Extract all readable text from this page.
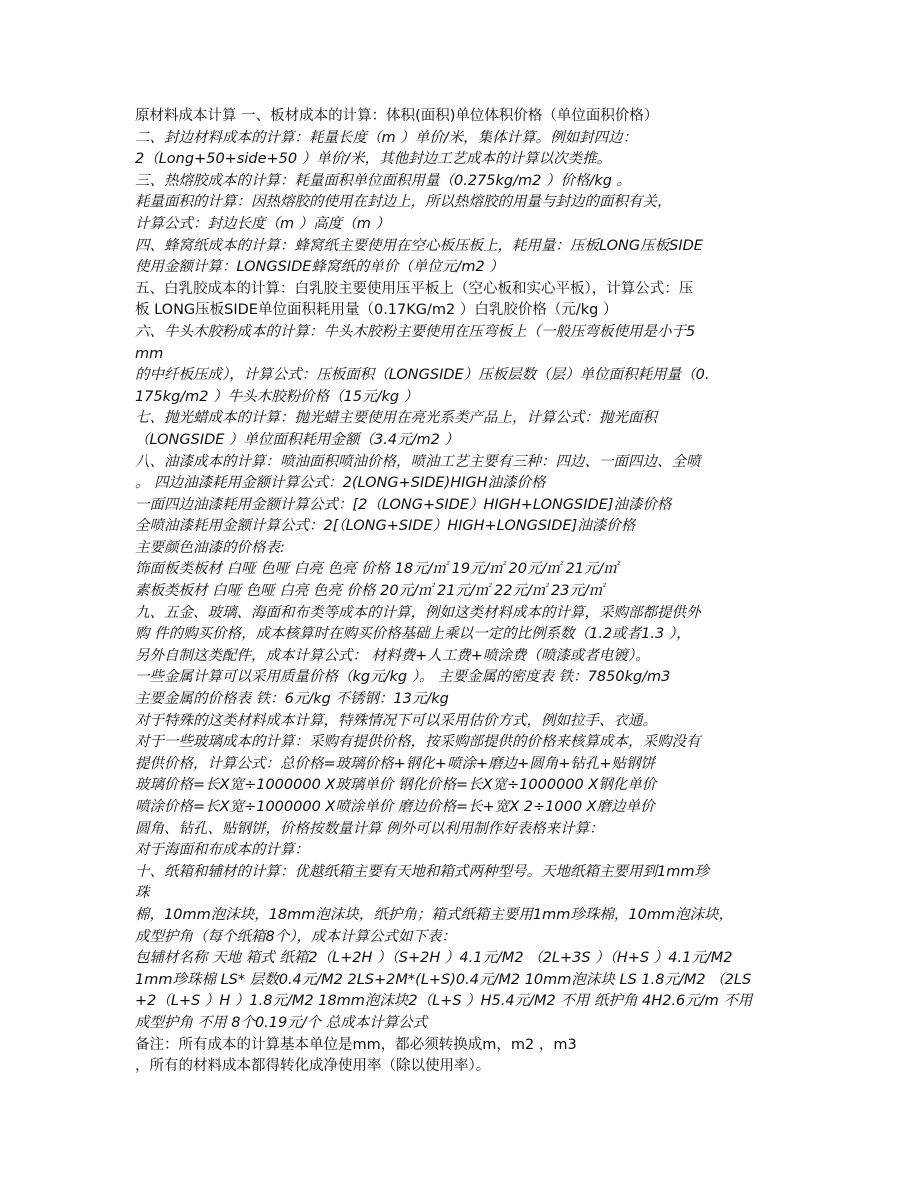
原材料成本计算 一、板材成本的计算：体积(面积)单位体积价格（单位面积价格）
二、封边材料成本的计算：耗量长度（m ）单价/米，集体计算。例如封四边：
2（Long+50+side+50 ）单价/米，其他封边工艺成本的计算以次类推。
三、热熔胶成本的计算：耗量面积单位面积用量（0.275kg/m2 ）价格/kg 。
耗量面积的计算：因热熔胶的使用在封边上，所以热熔胶的用量与封边的面积有关，
计算公式：封边长度（m ）高度（m ）
四、蜂窝纸成本的计算：蜂窝纸主要使用在空心板压板上，耗用量：压板LONG压板SIDE
使用金额计算：LONGSIDE蜂窝纸的单价（单位元/m2 ）
五、白乳胶成本的计算：白乳胶主要使用压平板上（空心板和实心平板），计算公式：压
板 LONG压板SIDE单位面积耗用量（0.17KG/m2 ）白乳胶价格（元/kg ）
六、牛头木胶粉成本的计算：牛头木胶粉主要使用在压弯板上（一般压弯板使用是小于5
mm
的中纤板压成），计算公式：压板面积（LONGSIDE）压板层数（层）单位面积耗用量（0.
175kg/m2 ）牛头木胶粉价格（15元/kg ）
七、抛光蜡成本的计算：抛光蜡主要使用在亮光系类产品上，计算公式：抛光面积
（LONGSIDE ）单位面积耗用金额（3.4元/m2 ）
八、油漆成本的计算：喷油面积喷油价格，喷油工艺主要有三种：四边、一面四边、全喷
。 四边油漆耗用金额计算公式：2(LONG+SIDE)HIGH油漆价格
一面四边油漆耗用金额计算公式：[2（LONG+SIDE）HIGH+LONGSIDE]油漆价格
全喷油漆耗用金额计算公式：2[（LONG+SIDE）HIGH+LONGSIDE]油漆价格
主要颜色油漆的价格表:
饰面板类板材 白哑 色哑 白亮 色亮 价格 18元/㎡ 19元/㎡ 20元/㎡ 21元/㎡
素板类板材 白哑 色哑 白亮 色亮 价格 20元/㎡ 21元/㎡ 22元/㎡ 23元/㎡
九、五金、玻璃、海面和布类等成本的计算，例如这类材料成本的计算，采购部都提供外
购 件的购买价格，成本核算时在购买价格基础上乘以一定的比例系数（1.2或者1.3 ），
另外自制这类配件，成本计算公式： 材料费+人工费+喷涂费（喷漆或者电镀）。
一些金属计算可以采用质量价格（kg元/kg ）。 主要金属的密度表 铁：7850kg/m3
主要金属的价格表 铁：6元/kg 不锈钢：13元/kg
对于特殊的这类材料成本计算，特殊情况下可以采用估价方式，例如拉手、衣通。
对于一些玻璃成本的计算：采购有提供价格，按采购部提供的价格来核算成本，采购没有
提供价格，计算公式：总价格=玻璃价格+钢化+喷涂+磨边+圆角+钻孔+贴钢饼
玻璃价格=长X宽÷1000000 X玻璃单价 钢化价格=长X宽÷1000000 X钢化单价
喷涂价格=长X宽÷1000000 X喷涂单价 磨边价格=长+宽X 2÷1000 X磨边单价
圆角、钻孔、贴钢饼，价格按数量计算 例外可以利用制作好表格来计算：
对于海面和布成本的计算：
十、纸箱和辅材的计算：优越纸箱主要有天地和箱式两种型号。天地纸箱主要用到1mm珍
珠
棉，10mm泡沫块，18mm泡沫块，纸护角；箱式纸箱主要用1mm珍珠棉，10mm泡沫块，
成型护角（每个纸箱8个），成本计算公式如下表：
包辅材名称 天地 箱式 纸箱2（L+2H ）（S+2H ）4.1元/M2 （2L+3S ）（H+S ）4.1元/M2
1mm珍珠棉 LS* 层数0.4元/M2 2LS+2M*(L+S)0.4元/M2 10mm泡沫块 LS 1.8元/M2 （2LS
+2（L+S ）H ）1.8元/M2 18mm泡沫块2（L+S ）H5.4元/M2 不用 纸护角 4H2.6元/m 不用
成型护角 不用 8个0.19元/个 总成本计算公式
备注：所有成本的计算基本单位是mm，都必须转换成m，m2 ，m3
，所有的材料成本都得转化成净使用率（除以使用率）。
